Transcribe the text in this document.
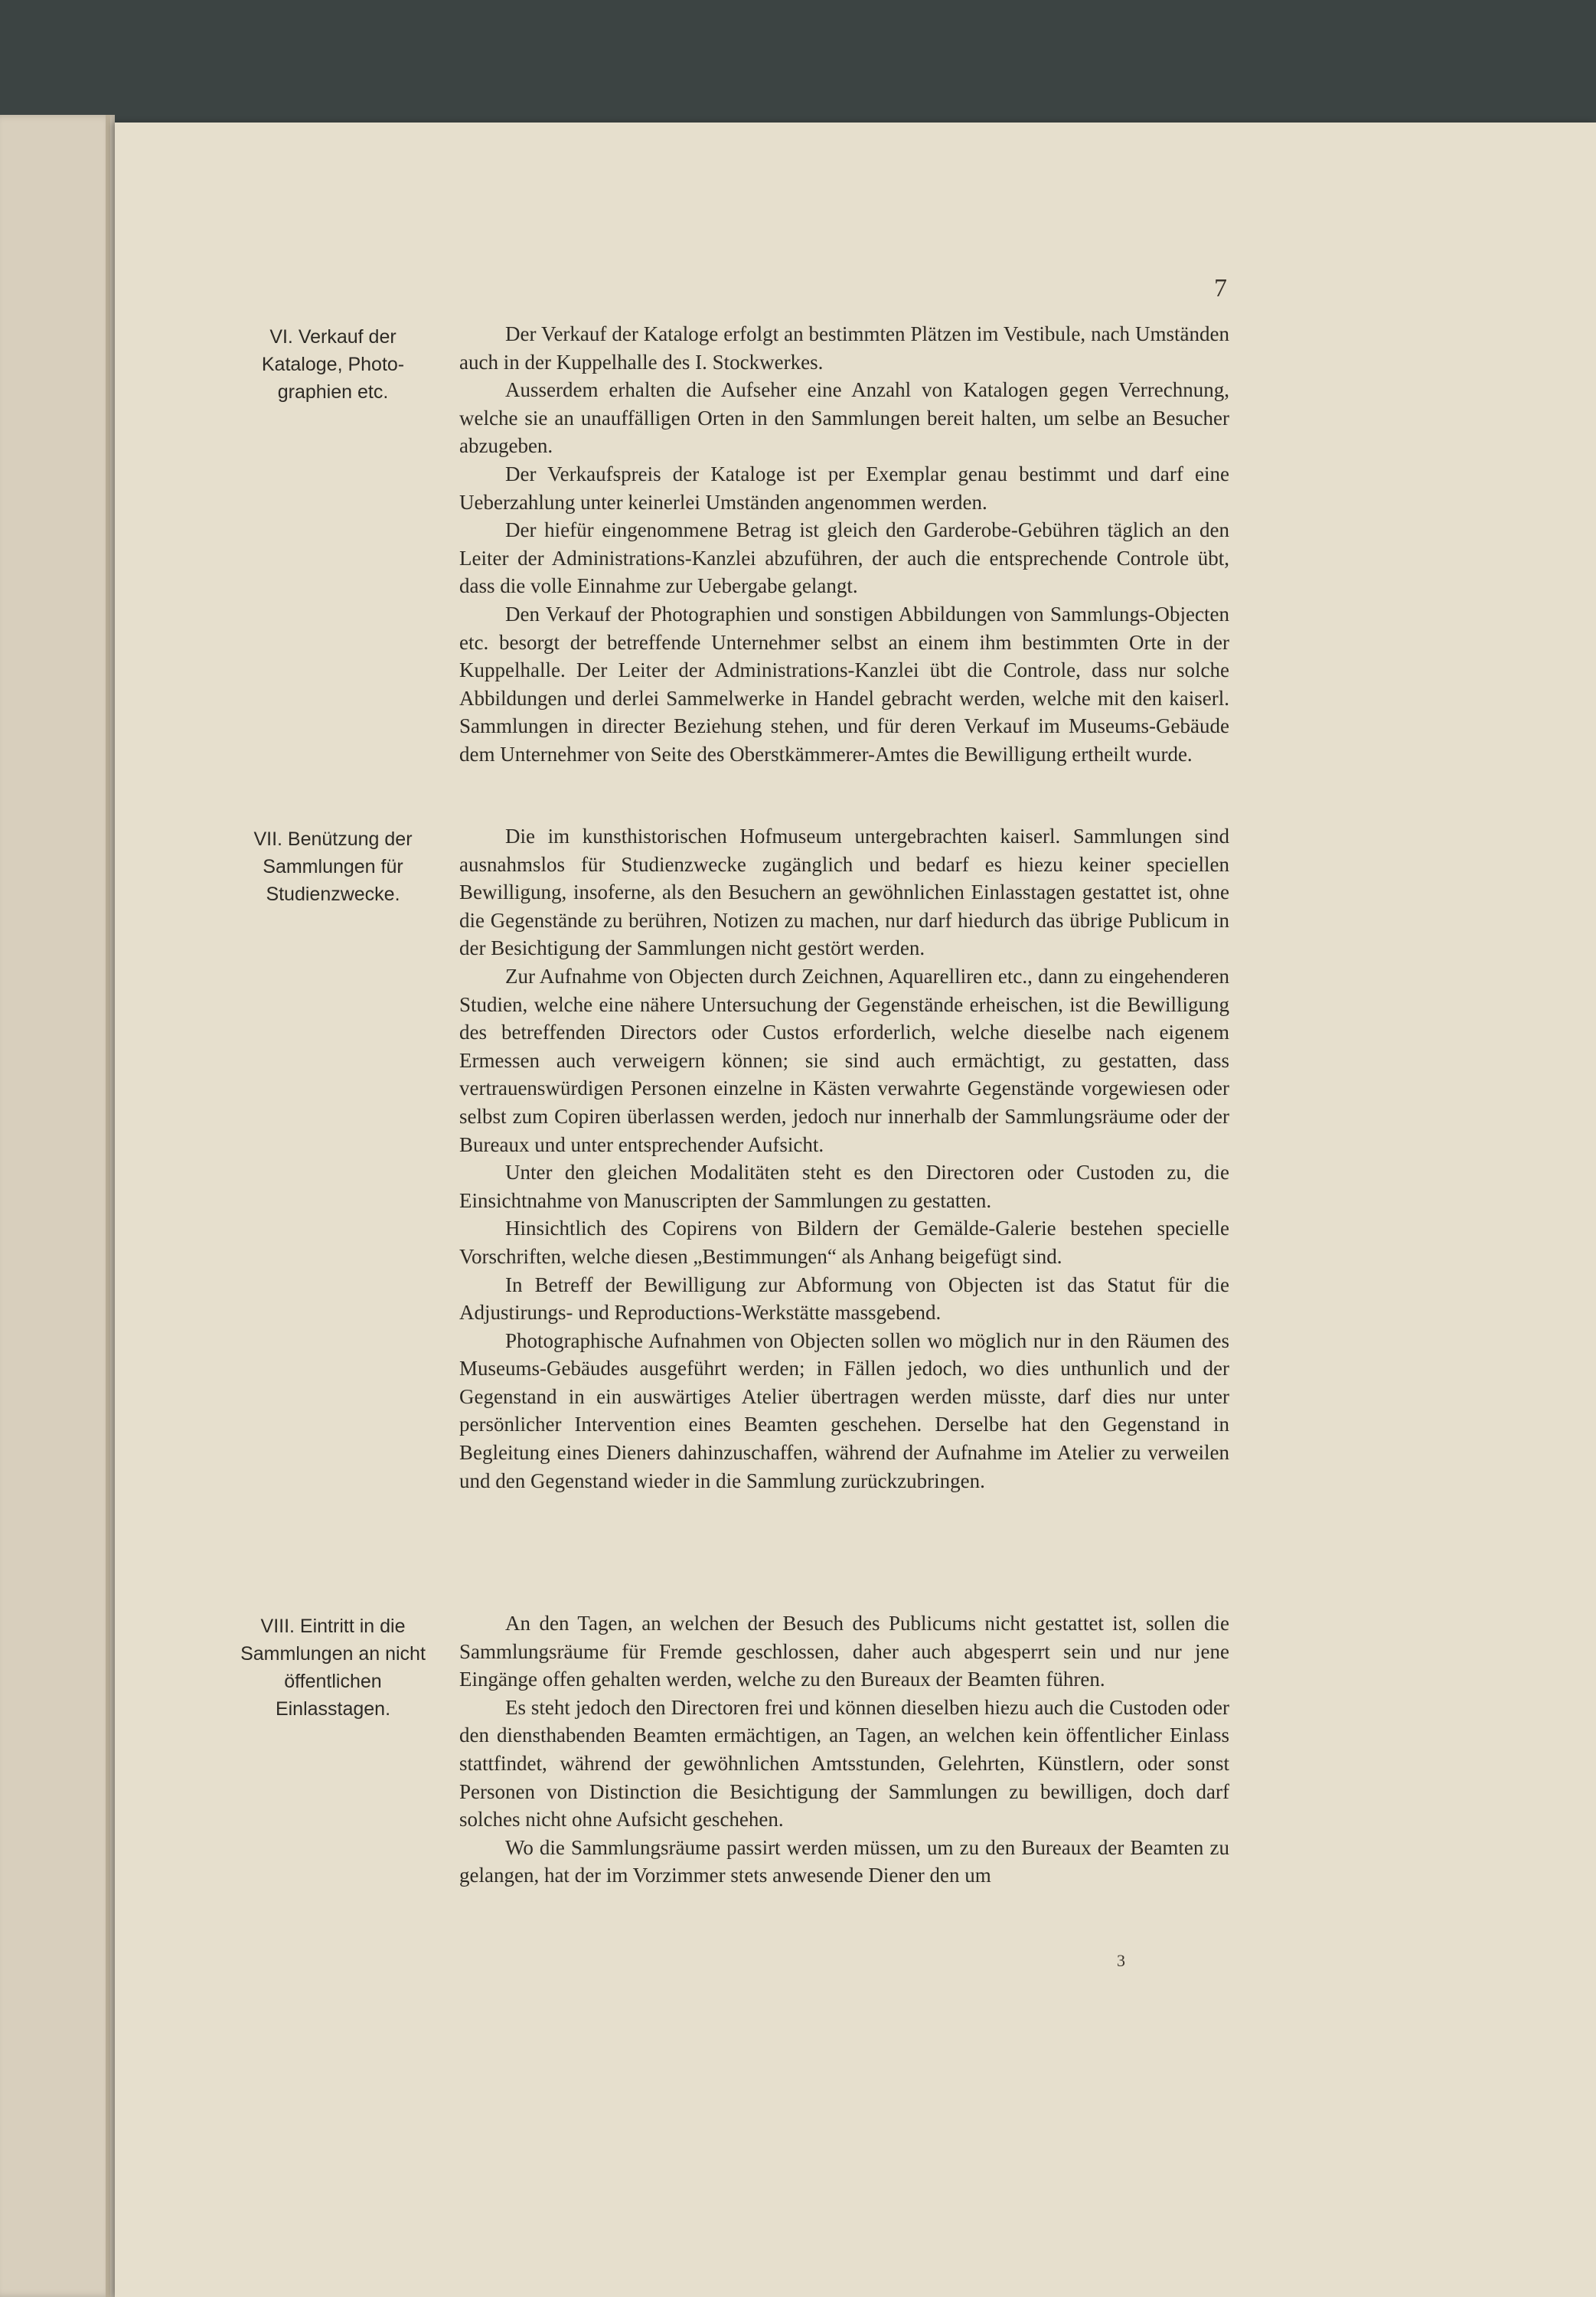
7
VI. Verkauf der Kataloge, Photo-graphien etc.

Der Verkauf der Kataloge erfolgt an bestimmten Plätzen im Vestibule, nach Umständen auch in der Kuppelhalle des I. Stockwerkes.

Ausserdem erhalten die Aufseher eine Anzahl von Katalogen gegen Verrechnung, welche sie an unauffälligen Orten in den Sammlungen bereit halten, um selbe an Besucher abzugeben.

Der Verkaufspreis der Kataloge ist per Exemplar genau bestimmt und darf eine Ueberzahlung unter keinerlei Umständen angenommen werden.

Der hiefür eingenommene Betrag ist gleich den Garderobe-Gebühren täglich an den Leiter der Administrations-Kanzlei abzuführen, der auch die entsprechende Controle übt, dass die volle Einnahme zur Uebergabe gelangt.

Den Verkauf der Photographien und sonstigen Abbildungen von Sammlungs-Objecten etc. besorgt der betreffende Unternehmer selbst an einem ihm bestimmten Orte in der Kuppelhalle. Der Leiter der Administrations-Kanzlei übt die Controle, dass nur solche Abbildungen und derlei Sammelwerke in Handel gebracht werden, welche mit den kaiserl. Sammlungen in directer Beziehung stehen, und für deren Verkauf im Museums-Gebäude dem Unternehmer von Seite des Oberstkämmerer-Amtes die Bewilligung ertheilt wurde.

VII. Benützung der Sammlungen für Studienzwecke.

Die im kunsthistorischen Hofmuseum untergebrachten kaiserl. Sammlungen sind ausnahmslos für Studienzwecke zugänglich und bedarf es hiezu keiner speciellen Bewilligung, insoferne, als den Besuchern an gewöhnlichen Einlasstagen gestattet ist, ohne die Gegenstände zu berühren, Notizen zu machen, nur darf hiedurch das übrige Publicum in der Besichtigung der Sammlungen nicht gestört werden.

Zur Aufnahme von Objecten durch Zeichnen, Aquarelliren etc., dann zu eingehenderen Studien, welche eine nähere Untersuchung der Gegenstände erheischen, ist die Bewilligung des betreffenden Directors oder Custos erforderlich, welche dieselbe nach eigenem Ermessen auch verweigern können; sie sind auch ermächtigt, zu gestatten, dass vertrauenswürdigen Personen einzelne in Kästen verwahrte Gegenstände vorgewiesen oder selbst zum Copiren überlassen werden, jedoch nur innerhalb der Sammlungsräume oder der Bureaux und unter entsprechender Aufsicht.

Unter den gleichen Modalitäten steht es den Directoren oder Custoden zu, die Einsichtnahme von Manuscripten der Sammlungen zu gestatten.

Hinsichtlich des Copirens von Bildern der Gemälde-Galerie bestehen specielle Vorschriften, welche diesen „Bestimmungen“ als Anhang beigefügt sind.

In Betreff der Bewilligung zur Abformung von Objecten ist das Statut für die Adjustirungs- und Reproductions-Werkstätte massgebend.

Photographische Aufnahmen von Objecten sollen wo möglich nur in den Räumen des Museums-Gebäudes ausgeführt werden; in Fällen jedoch, wo dies unthunlich und der Gegenstand in ein auswärtiges Atelier übertragen werden müsste, darf dies nur unter persönlicher Intervention eines Beamten geschehen. Derselbe hat den Gegenstand in Begleitung eines Dieners dahinzuschaffen, während der Aufnahme im Atelier zu verweilen und den Gegenstand wieder in die Sammlung zurückzubringen.

VIII. Eintritt in die Sammlungen an nicht öffentlichen Einlasstagen.

An den Tagen, an welchen der Besuch des Publicums nicht gestattet ist, sollen die Sammlungsräume für Fremde geschlossen, daher auch abgesperrt sein und nur jene Eingänge offen gehalten werden, welche zu den Bureaux der Beamten führen.

Es steht jedoch den Directoren frei und können dieselben hiezu auch die Custoden oder den diensthabenden Beamten ermächtigen, an Tagen, an welchen kein öffentlicher Einlass stattfindet, während der gewöhnlichen Amtsstunden, Gelehrten, Künstlern, oder sonst Personen von Distinction die Besichtigung der Sammlungen zu bewilligen, doch darf solches nicht ohne Aufsicht geschehen.

Wo die Sammlungsräume passirt werden müssen, um zu den Bureaux der Beamten zu gelangen, hat der im Vorzimmer stets anwesende Diener den um

3
